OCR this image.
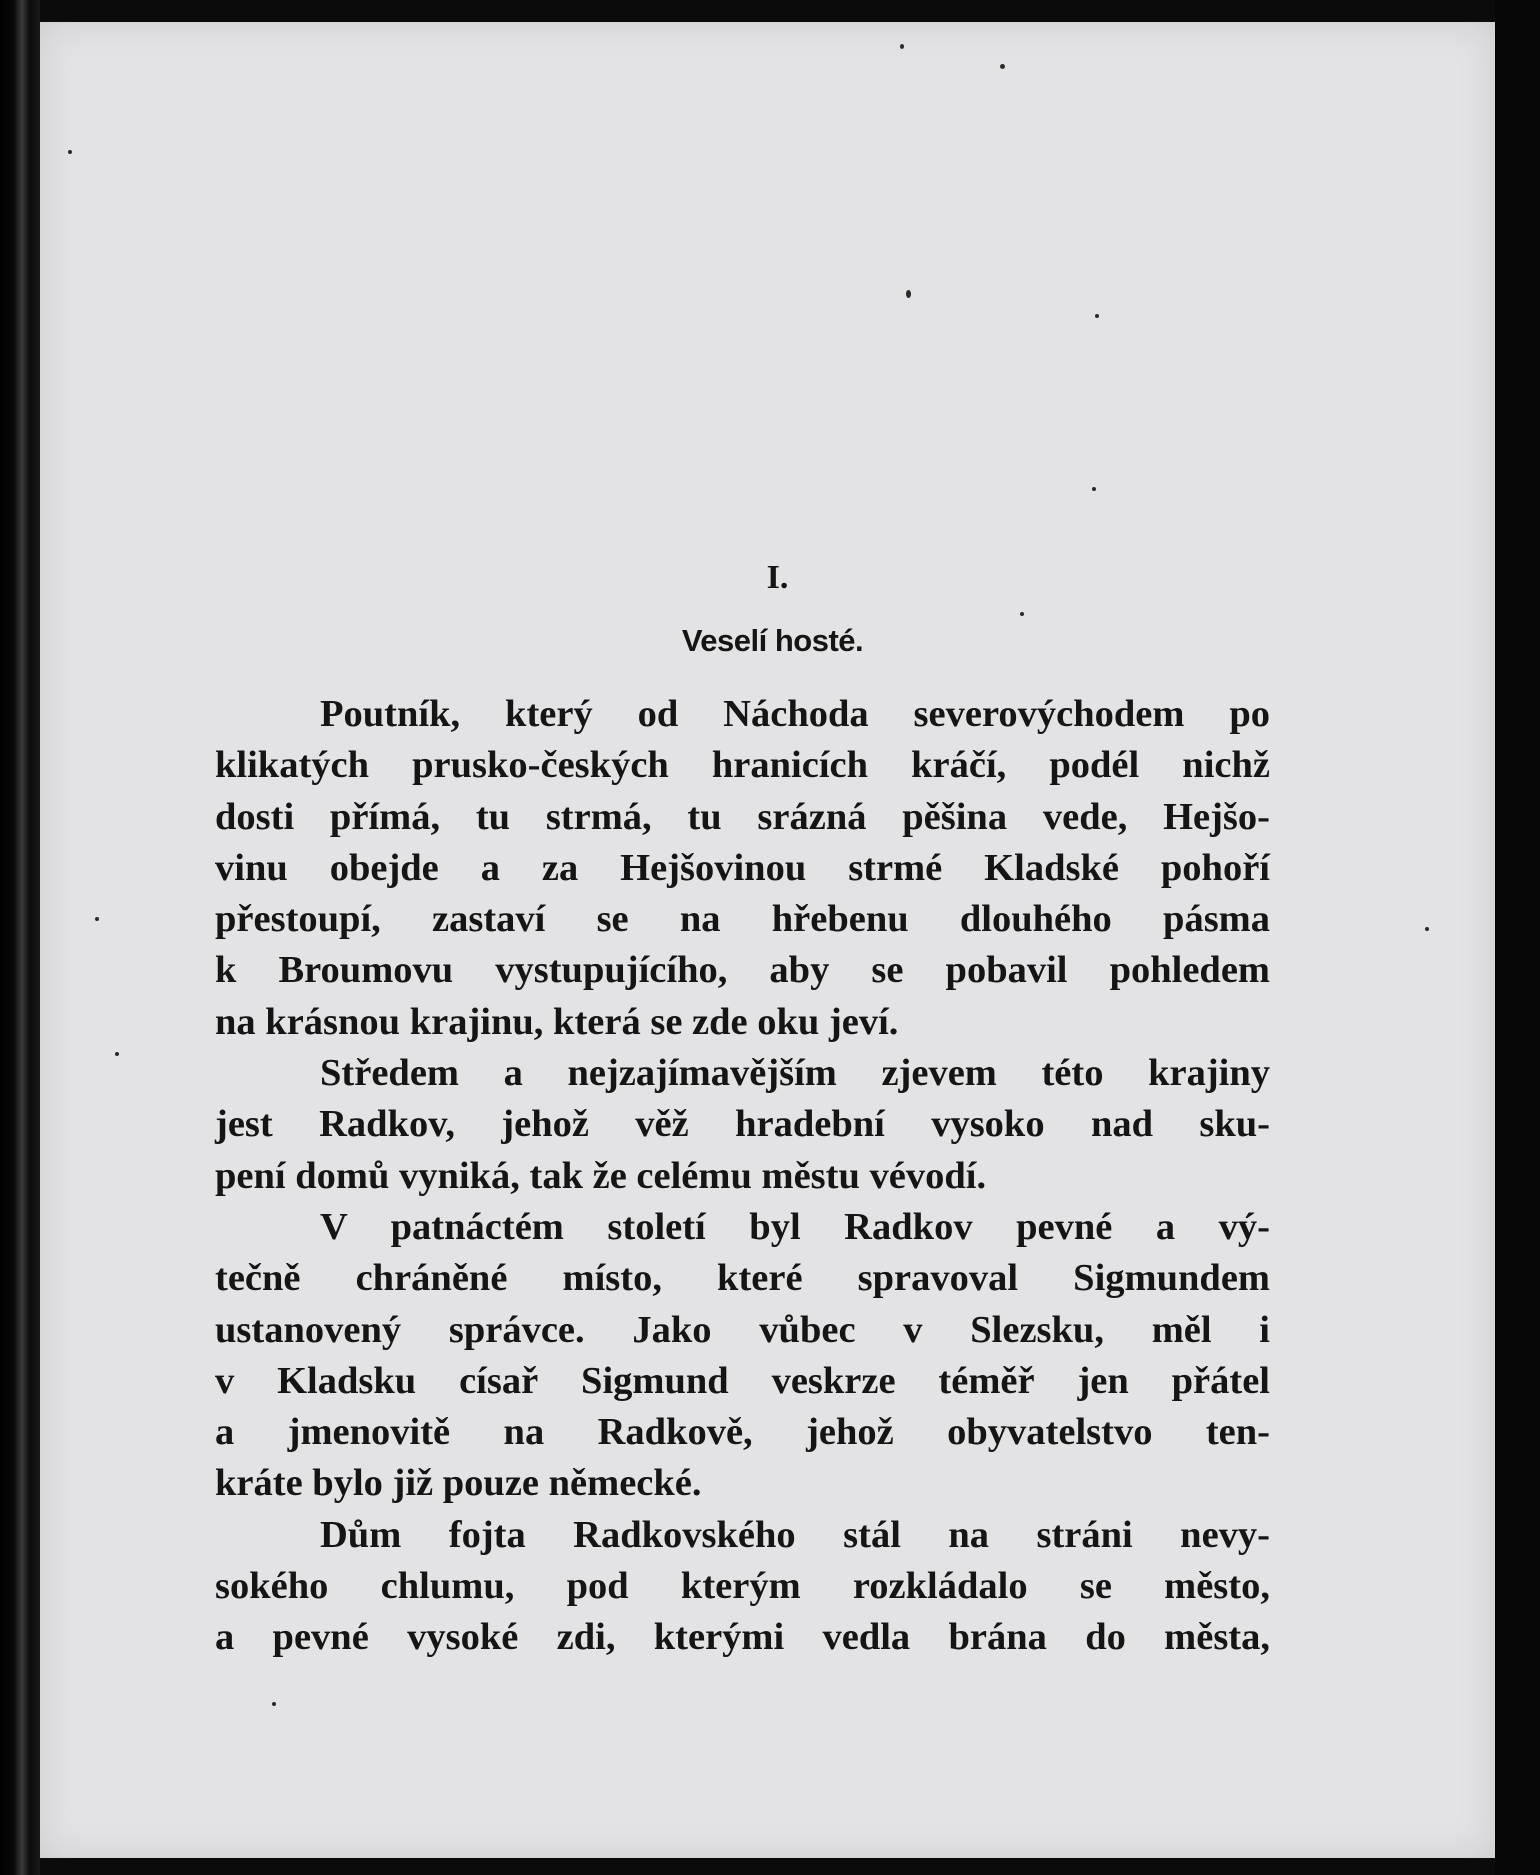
I.
Veselí hosté.
Poutník, který od Náchoda severovýchodem po
klikatých prusko-českých hranicích kráčí, podél nichž
dosti přímá, tu strmá, tu srázná pěšina vede, Hejšo-
vinu obejde a za Hejšovinou strmé Kladské pohoří
přestoupí, zastaví se na hřebenu dlouhého pásma
k Broumovu vystupujícího, aby se pobavil pohledem
na krásnou krajinu, která se zde oku jeví.
Středem a nejzajímavějším zjevem této krajiny
jest Radkov, jehož věž hradební vysoko nad sku-
pení domů vyniká, tak že celému městu vévodí.
V patnáctém století byl Radkov pevné a vý-
tečně chráněné místo, které spravoval Sigmundem
ustanovený správce. Jako vůbec v Slezsku, měl i
v Kladsku císař Sigmund veskrze téměř jen přátel
a jmenovitě na Radkově, jehož obyvatelstvo ten-
kráte bylo již pouze německé.
Dům fojta Radkovského stál na stráni nevy-
sokého chlumu, pod kterým rozkládalo se město,
a pevné vysoké zdi, kterými vedla brána do města,
